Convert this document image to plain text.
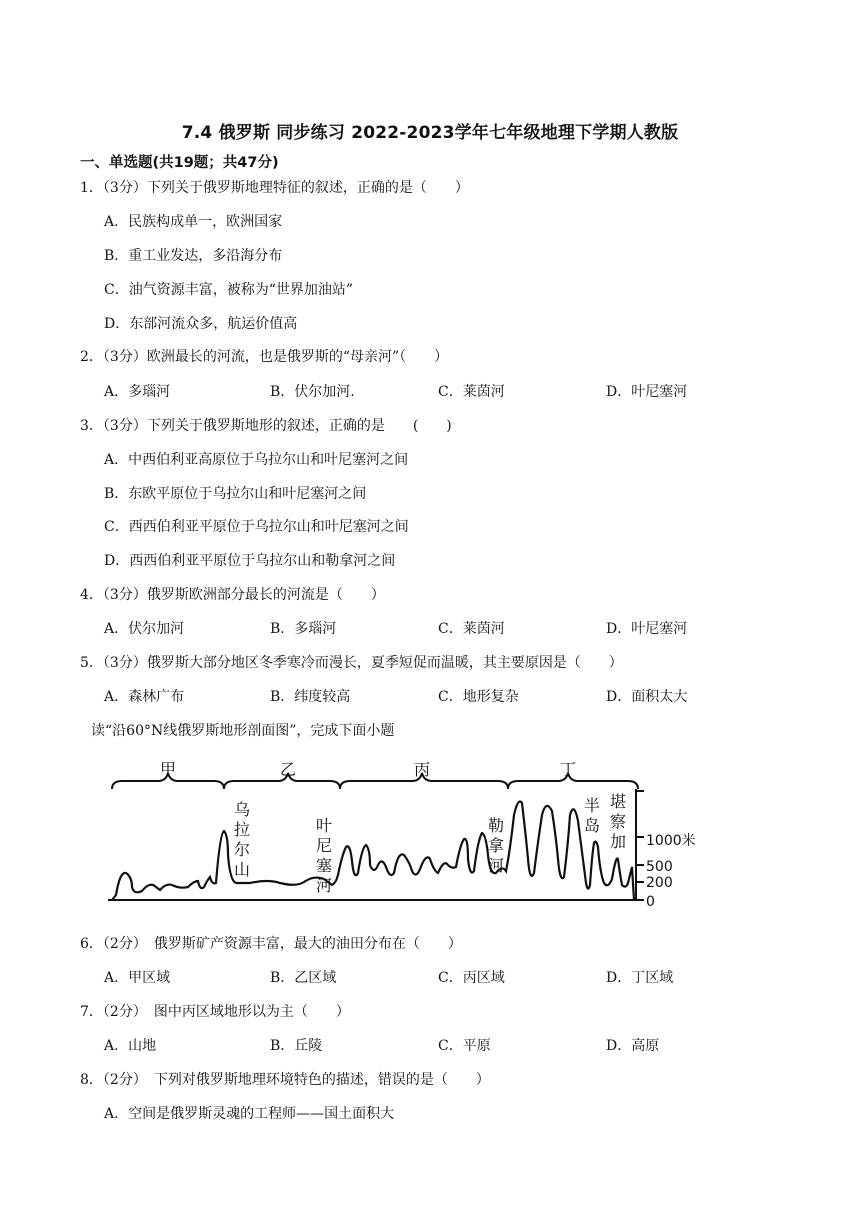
7.4 俄罗斯 同步练习 2022-2023学年七年级地理下学期人教版
一、单选题(共19题；共47分)
1．（3分）下列关于俄罗斯地理特征的叙述，正确的是（　　）
A．民族构成单一，欧洲国家
B．重工业发达，多沿海分布
C．油气资源丰富，被称为“世界加油站”
D．东部河流众多，航运价值高
2．（3分）欧洲最长的河流，也是俄罗斯的“母亲河”（　　）
A．多瑙河	B．伏尔加河.	C．莱茵河	D．叶尼塞河
3．（3分）下列关于俄罗斯地形的叙述，正确的是　　(　　)
A．中西伯利亚高原位于乌拉尔山和叶尼塞河之间
B．东欧平原位于乌拉尔山和叶尼塞河之间
C．西西伯利亚平原位于乌拉尔山和叶尼塞河之间
D．西西伯利亚平原位于乌拉尔山和勒拿河之间
4．（3分）俄罗斯欧洲部分最长的河流是（　　）
A．伏尔加河	B．多瑙河	C．莱茵河	D．叶尼塞河
5．（3分）俄罗斯大部分地区冬季寒冷而漫长，夏季短促而温暖，其主要原因是（　　）
A．森林广布	B．纬度较高	C．地形复杂	D．面积太大
读“沿60°N线俄罗斯地形剖面图”，完成下面小题
甲	乙	丙	丁
乌
拉
尔
山
叶
尼
塞
河
勒
拿
河
半
岛
堪
察
加 1000米
500
200
0
6．（2分）　俄罗斯矿产资源丰富，最大的油田分布在（　　）
A．甲区域	B．乙区域	C．丙区域	D．丁区域
7．（2分）　图中丙区域地形以为主（　　）
A．山地	B．丘陵	C．平原	D．高原
8．（2分）　下列对俄罗斯地理环境特色的描述，错误的是（　　）
A．空间是俄罗斯灵魂的工程师——国土面积大
